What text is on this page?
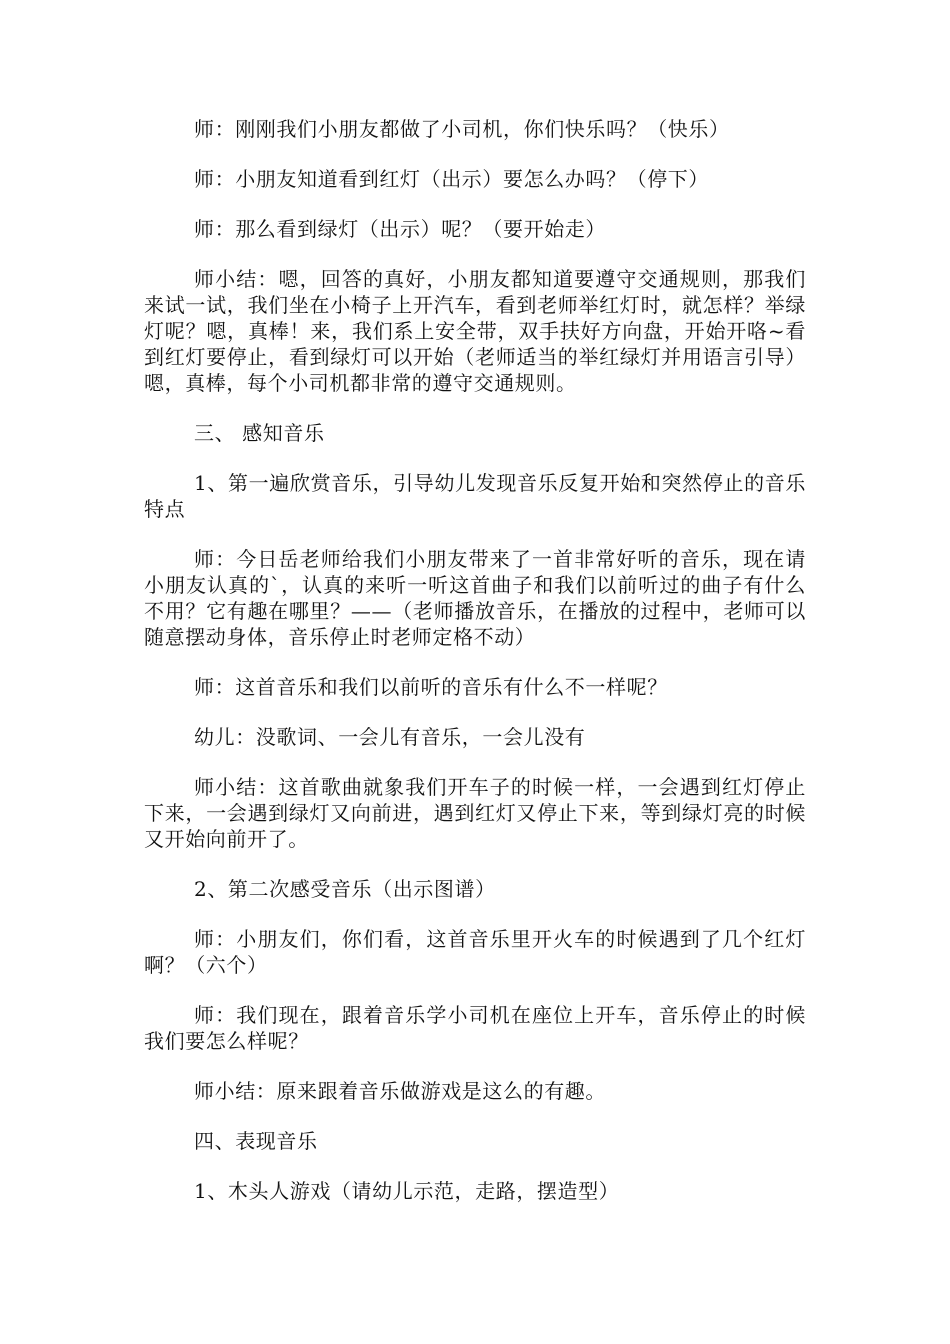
师：刚刚我们小朋友都做了小司机，你们快乐吗？（快乐）

师：小朋友知道看到红灯（出示）要怎么办吗？（停下）

师：那么看到绿灯（出示）呢？（要开始走）

师小结：嗯，回答的真好，小朋友都知道要遵守交通规则，那我们来试一试，我们坐在小椅子上开汽车，看到老师举红灯时，就怎样？举绿灯呢？嗯，真棒！来，我们系上安全带，双手扶好方向盘，开始开咯~看到红灯要停止，看到绿灯可以开始（老师适当的举红绿灯并用语言引导）嗯，真棒，每个小司机都非常的遵守交通规则。

三、 感知音乐

1、第一遍欣赏音乐，引导幼儿发现音乐反复开始和突然停止的音乐特点

师：今日岳老师给我们小朋友带来了一首非常好听的音乐，现在请小朋友认真的`，认真的来听一听这首曲子和我们以前听过的曲子有什么不用？它有趣在哪里？——（老师播放音乐，在播放的过程中，老师可以随意摆动身体，音乐停止时老师定格不动）

师：这首音乐和我们以前听的音乐有什么不一样呢？

幼儿：没歌词、一会儿有音乐，一会儿没有

师小结：这首歌曲就象我们开车子的时候一样，一会遇到红灯停止下来，一会遇到绿灯又向前进，遇到红灯又停止下来，等到绿灯亮的时候又开始向前开了。

2、第二次感受音乐（出示图谱）

师：小朋友们，你们看，这首音乐里开火车的时候遇到了几个红灯啊？（六个）

师：我们现在，跟着音乐学小司机在座位上开车，音乐停止的时候我们要怎么样呢？

师小结：原来跟着音乐做游戏是这么的有趣。

四、表现音乐

1、木头人游戏（请幼儿示范，走路，摆造型）
